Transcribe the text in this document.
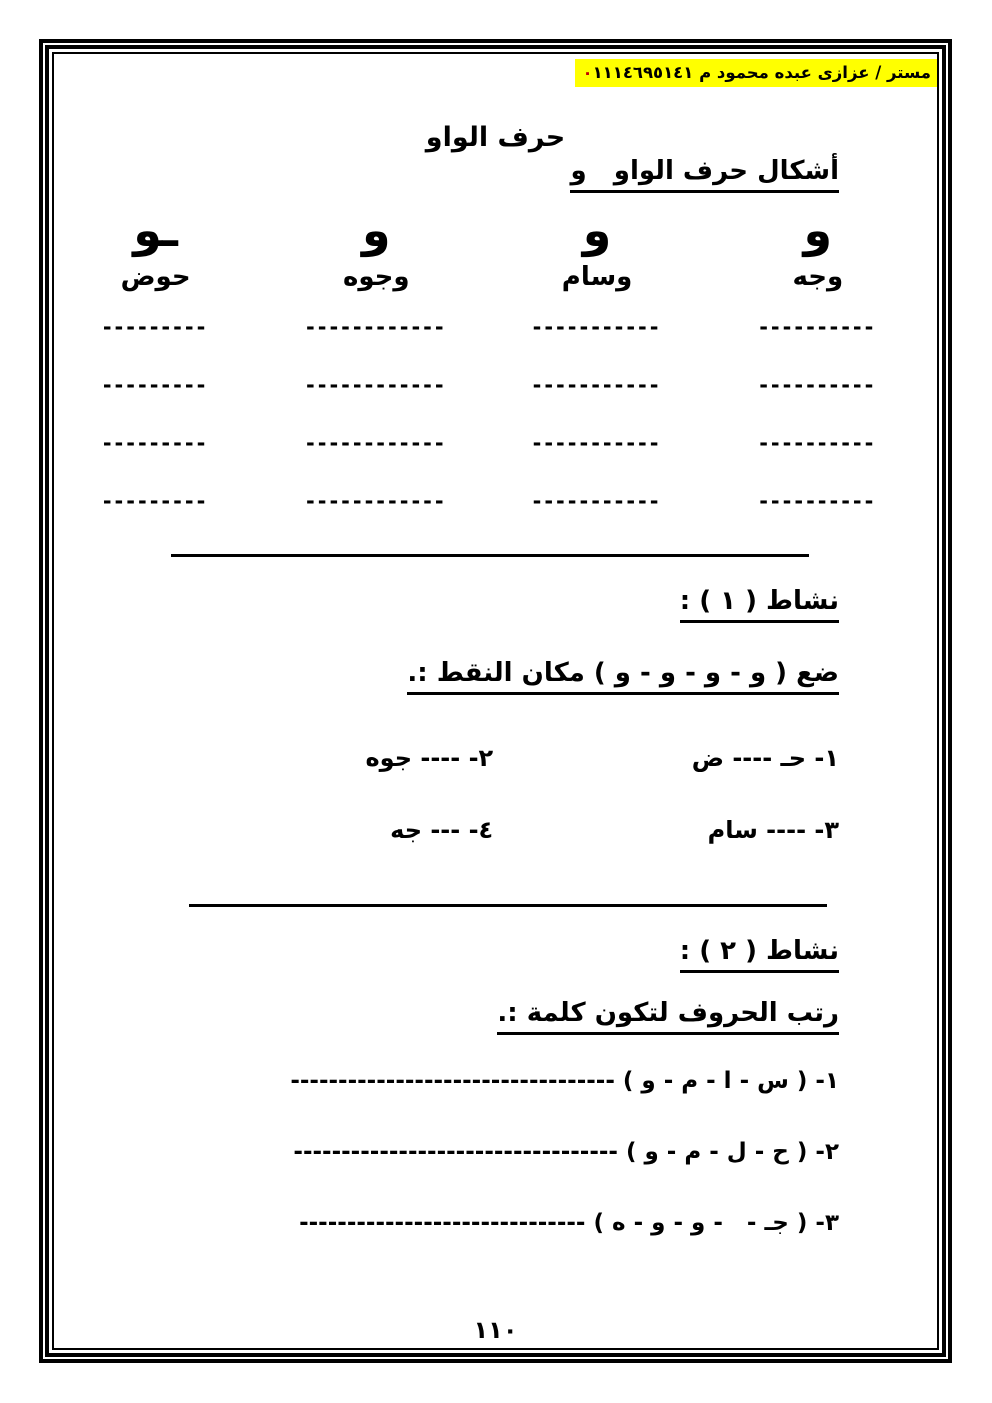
مستر / عزازى عبده محمود م ٠١١١٤٦٩٥١٤١
حرف الواو
أشكال حرف الواو   و
و
و
و
ـو
وجه
وسام
وجوه
حوض
----------
-----------
------------
---------
----------
-----------
------------
---------
----------
-----------
------------
---------
----------
-----------
------------
---------
نشاط ( ١ ) :
ضع ( و - و - و - و ) مكان النقط :.
١- حـ ---- ض
٢- ---- جوه
٣- ---- سام
٤- --- جه
نشاط ( ٢ ) :
رتب الحروف لتكون كلمة :.
١- ( س - ا - م - و ) ----------------------------------
٢- ( ح - ل - م - و ) ----------------------------------
٣- ( جـ -   - و - و - ه ) ------------------------------
١١٠
